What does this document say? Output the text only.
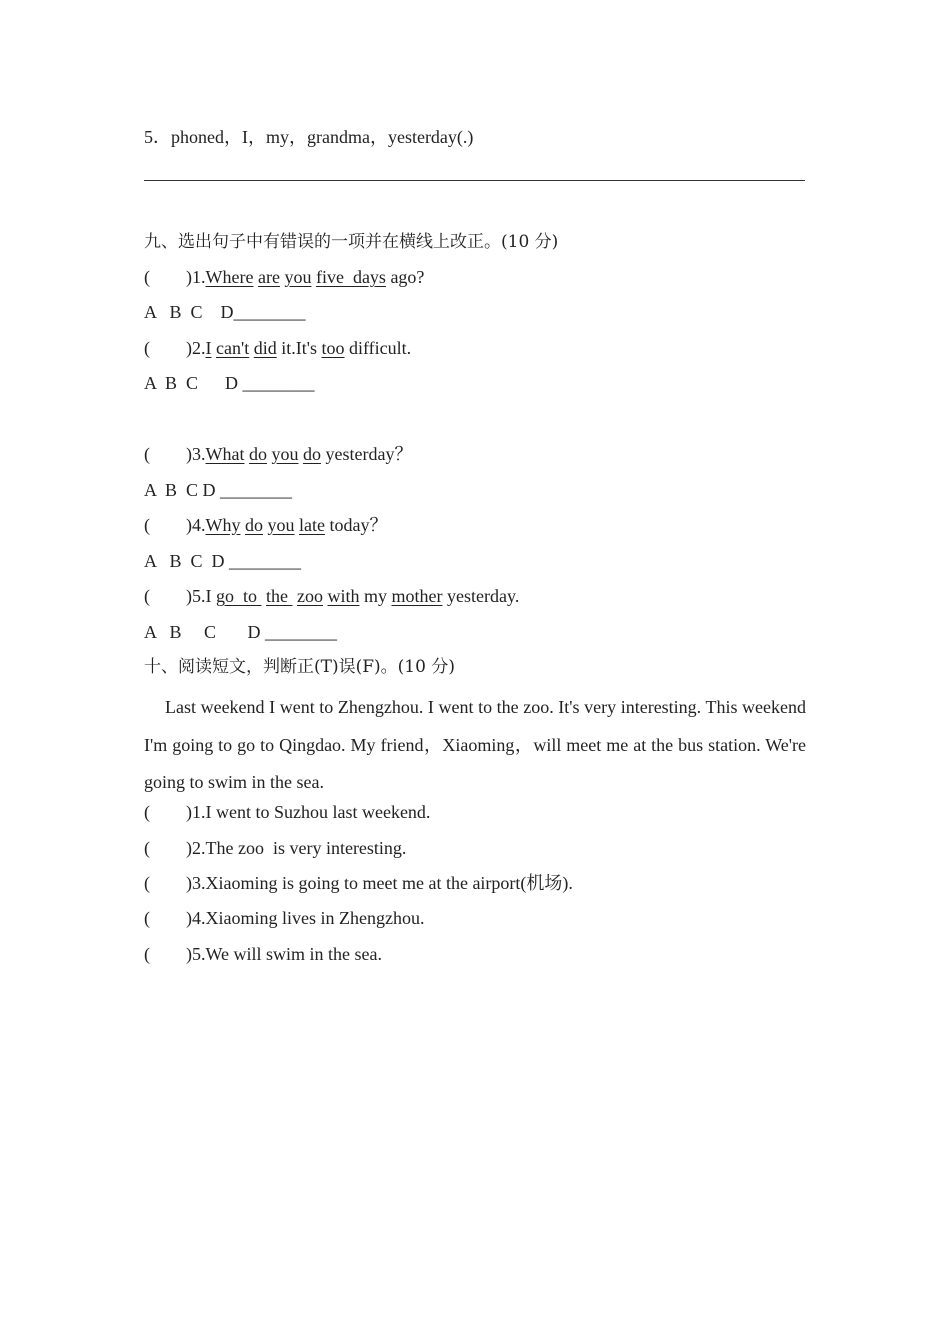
5．phoned，I，my，grandma，yesterday(.)
九、选出句子中有错误的一项并在横线上改正。(10 分)
(        )1.Where are you five  days ago?
A   B  C    D________
(        )2.I can't did it.It's too difficult.
A  B  C      D ________
(        )3.What do you do yesterday？
A  B  C D ________
(        )4.Why do you late today？
A   B  C  D ________
(        )5.I go  to  the  zoo with my mother yesterday.
A   B     C       D ________
十、阅读短文，判断正(T)误(F)。(10 分)
Last weekend I went to Zhengzhou. I went to the zoo. It's very interesting. This weekend I'm going to go to Qingdao. My friend，Xiaoming，will meet me at the bus station. We're going to swim in the sea.
(        )1.I went to Suzhou last weekend.
(        )2.The zoo  is very interesting.
(        )3.Xiaoming is going to meet me at the airport(机场).
(        )4.Xiaoming lives in Zhengzhou.
(        )5.We will swim in the sea.
